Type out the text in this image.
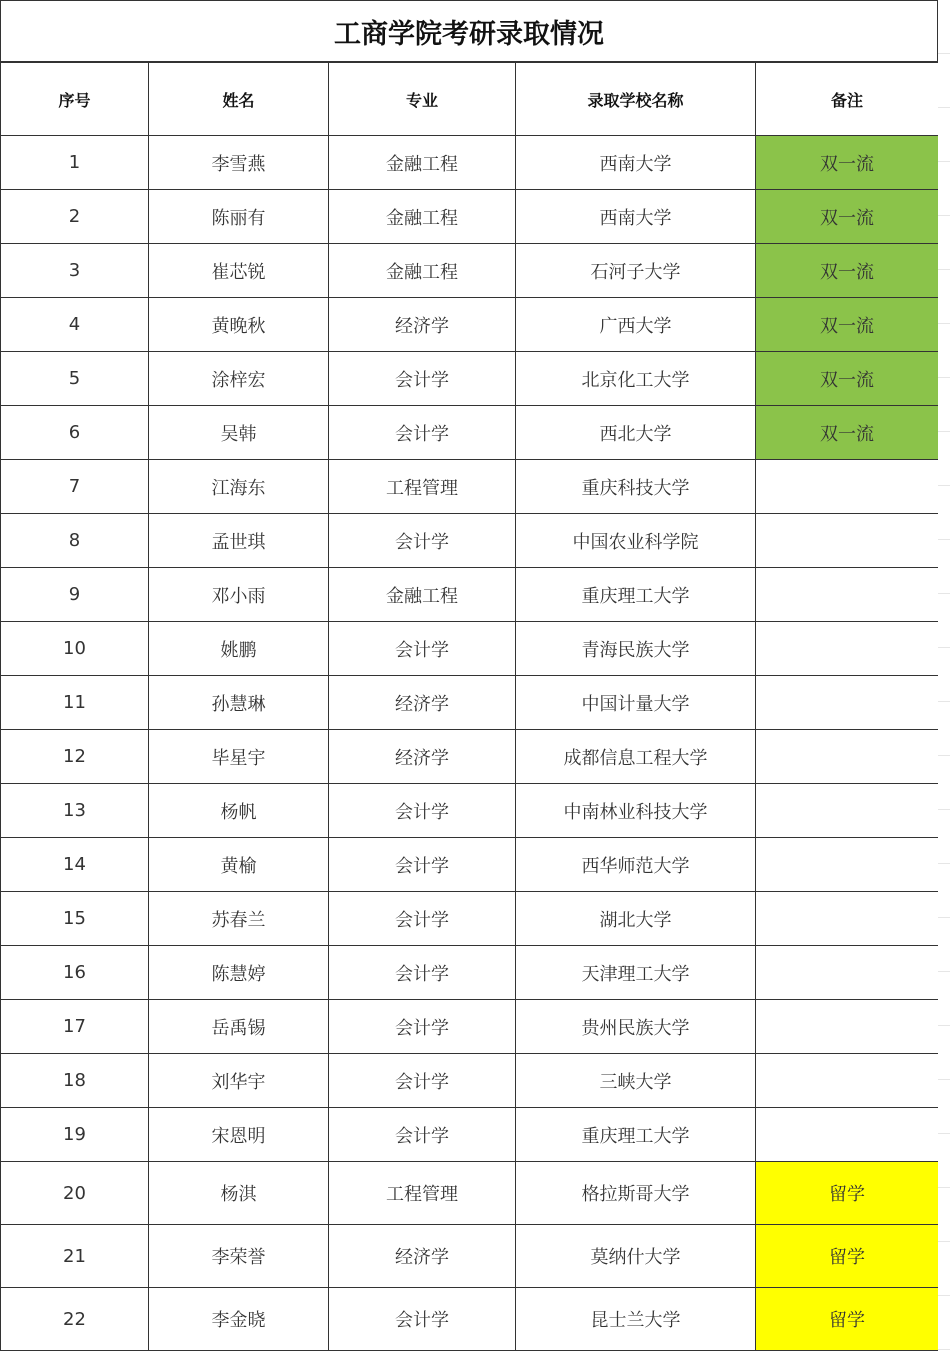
工商学院考研录取情况
序号	姓名	专业	录取学校名称	备注
1	李雪燕	金融工程	西南大学	双一流
2	陈丽有	金融工程	西南大学	双一流
3	崔芯锐	金融工程	石河子大学	双一流
4	黄晚秋	经济学	广西大学	双一流
5	涂梓宏	会计学	北京化工大学	双一流
6	吴韩	会计学	西北大学	双一流
7	江海东	工程管理	重庆科技大学	
8	孟世琪	会计学	中国农业科学院	
9	邓小雨	金融工程	重庆理工大学	
10	姚鹏	会计学	青海民族大学	
11	孙慧琳	经济学	中国计量大学	
12	毕星宇	经济学	成都信息工程大学	
13	杨帆	会计学	中南林业科技大学	
14	黄榆	会计学	西华师范大学	
15	苏春兰	会计学	湖北大学	
16	陈慧婷	会计学	天津理工大学	
17	岳禹锡	会计学	贵州民族大学	
18	刘华宇	会计学	三峡大学	
19	宋恩明	会计学	重庆理工大学	
20	杨淇	工程管理	格拉斯哥大学	留学
21	李荣誉	经济学	莫纳什大学	留学
22	李金晓	会计学	昆士兰大学	留学
